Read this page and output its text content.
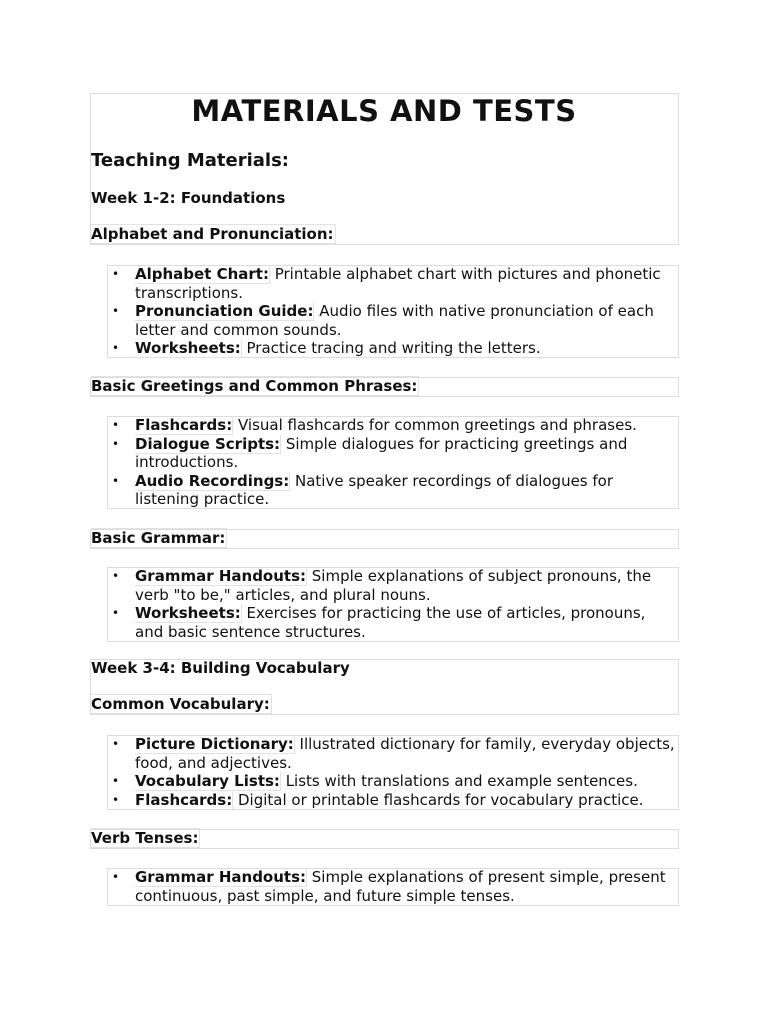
MATERIALS AND TESTS
Teaching Materials:
Week 1-2: Foundations
Alphabet and Pronunciation:
• Alphabet Chart: Printable alphabet chart with pictures and phonetic transcriptions.
• Pronunciation Guide: Audio files with native pronunciation of each letter and common sounds.
• Worksheets: Practice tracing and writing the letters.
Basic Greetings and Common Phrases:
• Flashcards: Visual flashcards for common greetings and phrases.
• Dialogue Scripts: Simple dialogues for practicing greetings and introductions.
• Audio Recordings: Native speaker recordings of dialogues for listening practice.
Basic Grammar:
• Grammar Handouts: Simple explanations of subject pronouns, the verb "to be," articles, and plural nouns.
• Worksheets: Exercises for practicing the use of articles, pronouns, and basic sentence structures.
Week 3-4: Building Vocabulary
Common Vocabulary:
• Picture Dictionary: Illustrated dictionary for family, everyday objects, food, and adjectives.
• Vocabulary Lists: Lists with translations and example sentences.
• Flashcards: Digital or printable flashcards for vocabulary practice.
Verb Tenses:
• Grammar Handouts: Simple explanations of present simple, present continuous, past simple, and future simple tenses.
